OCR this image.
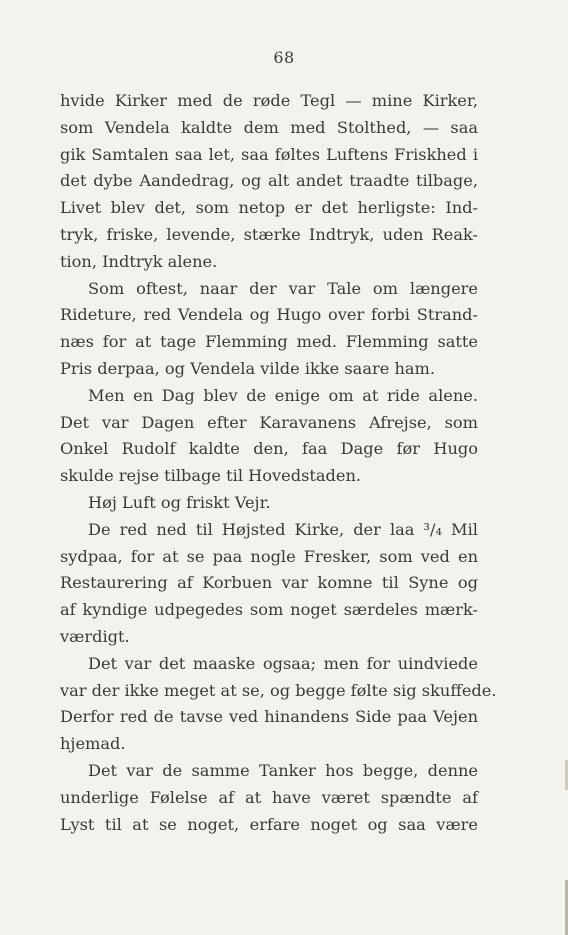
68
hvide Kirker med de røde Tegl — mine Kirker,
som Vendela kaldte dem med Stolthed, — saa
gik Samtalen saa let, saa føltes Luftens Friskhed i
det dybe Aandedrag, og alt andet traadte tilbage,
Livet blev det, som netop er det herligste: Ind-
tryk, friske, levende, stærke Indtryk, uden Reak-
tion, Indtryk alene.
Som oftest, naar der var Tale om længere
Rideture, red Vendela og Hugo over forbi Strand-
næs for at tage Flemming med. Flemming satte
Pris derpaa, og Vendela vilde ikke saare ham.
Men en Dag blev de enige om at ride alene.
Det var Dagen efter Karavanens Afrejse, som
Onkel Rudolf kaldte den, faa Dage før Hugo
skulde rejse tilbage til Hovedstaden.
Høj Luft og friskt Vejr.
De red ned til Højsted Kirke, der laa ³/₄ Mil
sydpaa, for at se paa nogle Fresker, som ved en
Restaurering af Korbuen var komne til Syne og
af kyndige udpegedes som noget særdeles mærk-
værdigt.
Det var det maaske ogsaa; men for uindviede
var der ikke meget at se, og begge følte sig skuffede.
Derfor red de tavse ved hinandens Side paa Vejen
hjemad.
Det var de samme Tanker hos begge, denne
underlige Følelse af at have været spændte af
Lyst til at se noget, erfare noget og saa være
